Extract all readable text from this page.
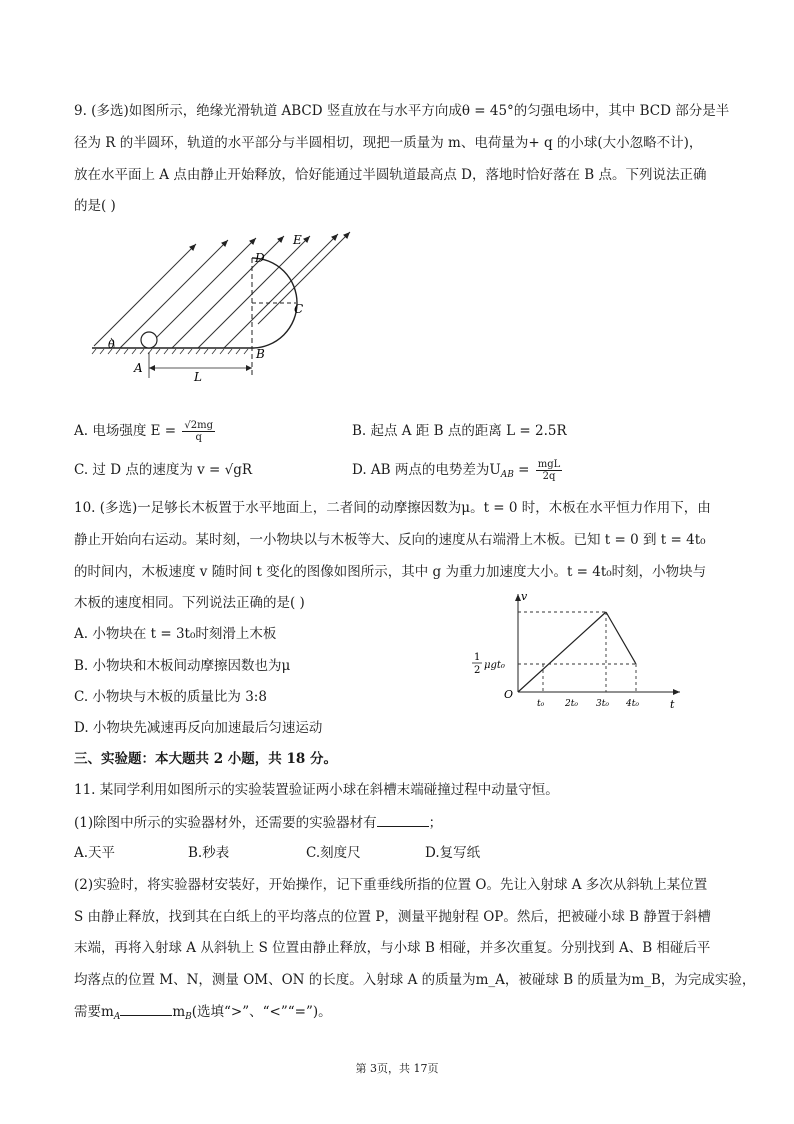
9. (多选)如图所示，绝缘光滑轨道 ABCD 竖直放在与水平方向成θ = 45°的匀强电场中，其中 BCD 部分是半
径为 R 的半圆环，轨道的水平部分与半圆相切，现把一质量为 m、电荷量为+ q 的小球(大小忽略不计)，
放在水平面上 A 点由静止开始释放，恰好能通过半圆轨道最高点 D，落地时恰好落在 B 点。下列说法正确
的是( )
D
E
C
θ
A
B
L
A. 电场强度 $E = \frac{√2mg}{q}$	B. 起点 A 距 B 点的距离 L = 2.5R
C. 过 D 点的速度为 v = √gR	D. AB 两点的电势差为$U_{AB} = \frac{\text{mgL}}{2q}$
10. (多选)一足够长木板置于水平地面上，二者间的动摩擦因数为μ。t = 0 时，木板在水平恒力作用下，由
静止开始向右运动。某时刻，一小物块以与木板等大、反向的速度从右端滑上木板。已知 t = 0 到 t = 4t₀
的时间内，木板速度 v 随时间 t 变化的图像如图所示，其中 g 为重力加速度大小。t = 4t₀时刻，小物块与
木板的速度相同。下列说法正确的是( )
A. 小物块在 t = 3t₀时刻滑上木板
B. 小物块和木板间动摩擦因数也为μ
C. 小物块与木板的质量比为 3:8
D. 小物块先减速再反向加速最后匀速运动
v
t
O
1
2 μgt₀
t₀ 2t₀ 3t₀ 4t₀
三、实验题：本大题共 2 小题，共 18 分。
11. 某同学利用如图所示的实验装置验证两小球在斜槽末端碰撞过程中动量守恒。
(1)除图中所示的实验器材外，还需要的实验器材有	；
A.天平	B.秒表	C.刻度尺	D.复写纸
(2)实验时，将实验器材安装好，开始操作，记下重垂线所指的位置 O。先让入射球 A 多次从斜轨上某位置
S 由静止释放，找到其在白纸上的平均落点的位置 P，测量平抛射程 OP。然后，把被碰小球 B 静置于斜槽
末端，再将入射球 A 从斜轨上 S 位置由静止释放，与小球 B 相碰，并多次重复。分别找到 A、B 相碰后平
均落点的位置 M、N，测量 OM、ON 的长度。入射球 A 的质量为m_A，被碰球 B 的质量为m_B，为完成实验，
需要$m_A$	$m_B$(选填“>”、“<”“=”)。
第 3页，共 17页
